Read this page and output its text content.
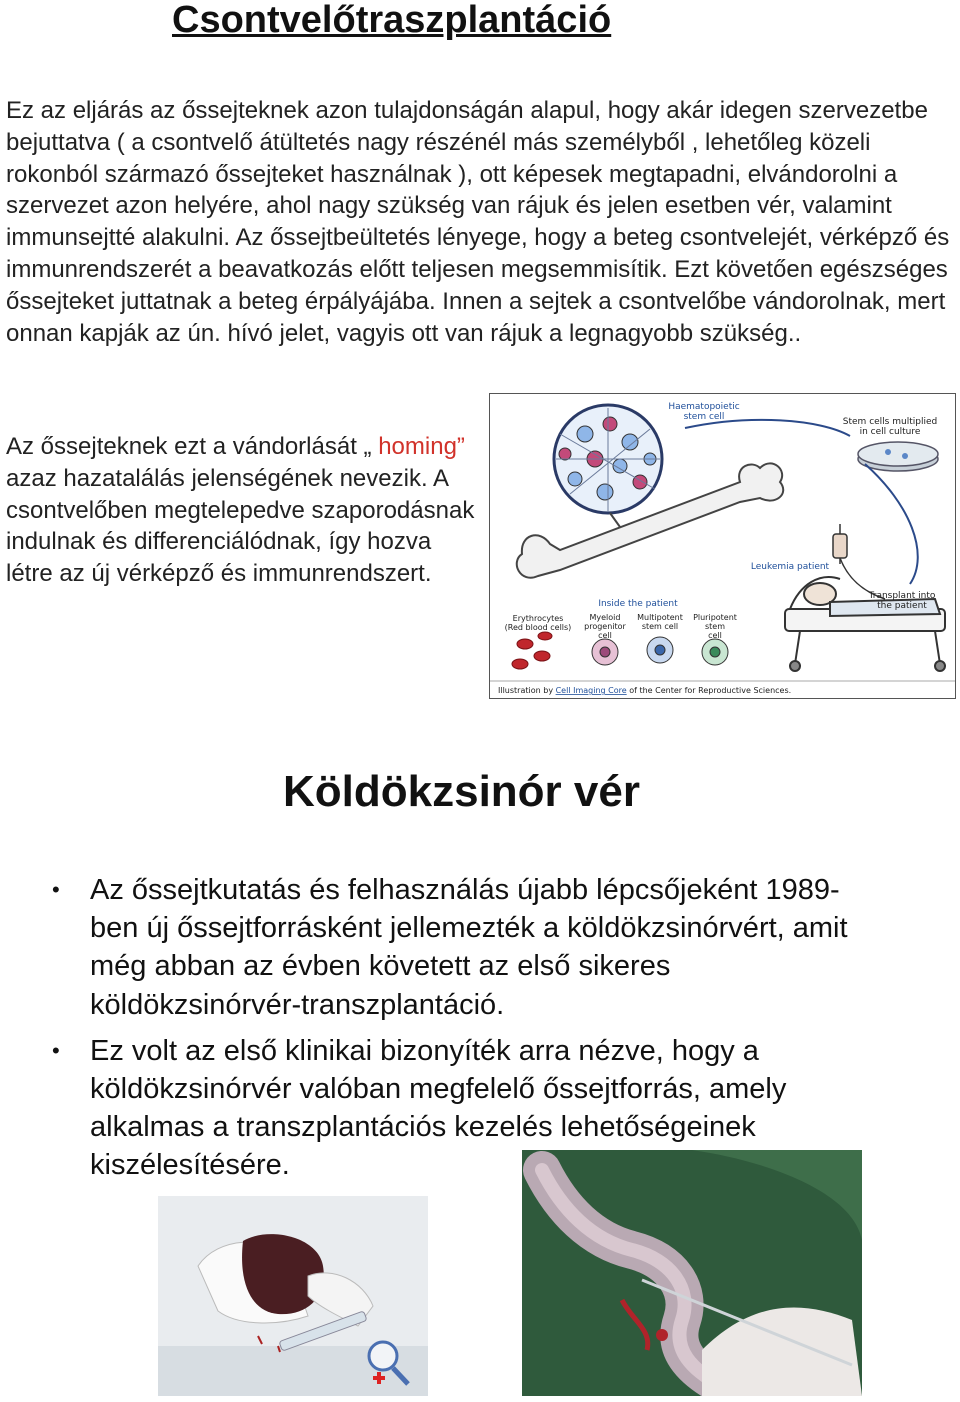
Csontvelőtraszplantáció

Ez az eljárás az őssejteknek azon tulajdonságán alapul, hogy akár idegen szervezetbe bejuttatva ( a csontvelő átültetés nagy részénél más személyből , lehetőleg közeli rokonból származó őssejteket használnak ), ott képesek megtapadni, elvándorolni a szervezet azon helyére, ahol nagy szükség van rájuk és jelen esetben vér, valamint immunsejtté alakulni. Az őssejtbeültetés lényege, hogy a beteg csontvelejét, vérképző és immunrendszerét a beavatkozás előtt teljesen megsemmisítik. Ezt követően egészséges őssejteket juttatnak a beteg érpályájába. Innen a sejtek a csontvelőbe vándorolnak, mert onnan kapják az ún. hívó jelet, vagyis ott van rájuk a legnagyobb szükség..

Az őssejteknek ezt a vándorlását „ homing” azaz hazatalálás jelenségének nevezik. A csontvelőben megtelepedve szaporodásnak indulnak és differenciálódnak, így hozva létre az új vérképző és immunrendszert.

Haematopoietic
stem cell	Stem cells multiplied
in cell culture
Leukemia patient
Inside the patient
Transplant into
the patient
Erythrocytes
(Red blood cells)
Myeloid
progenitor
cell
Multipotent
stem cell
Pluripotent
stem
cell
Illustration by Cell Imaging Core of the Center for Reproductive Sciences.
Köldökzsinór vér
• Az őssejtkutatás és felhasználás újabb lépcsőjeként 1989-ben új őssejtforrásként jellemezték a köldökzsinórvért, amit még abban az évben követett az első sikeres köldökzsinórvér-transzplantáció.
• Ez volt az első klinikai bizonyíték arra nézve, hogy a köldökzsinórvér valóban megfelelő őssejtforrás, amely alkalmas a transzplantációs kezelés lehetőségeinek kiszélesítésére.
